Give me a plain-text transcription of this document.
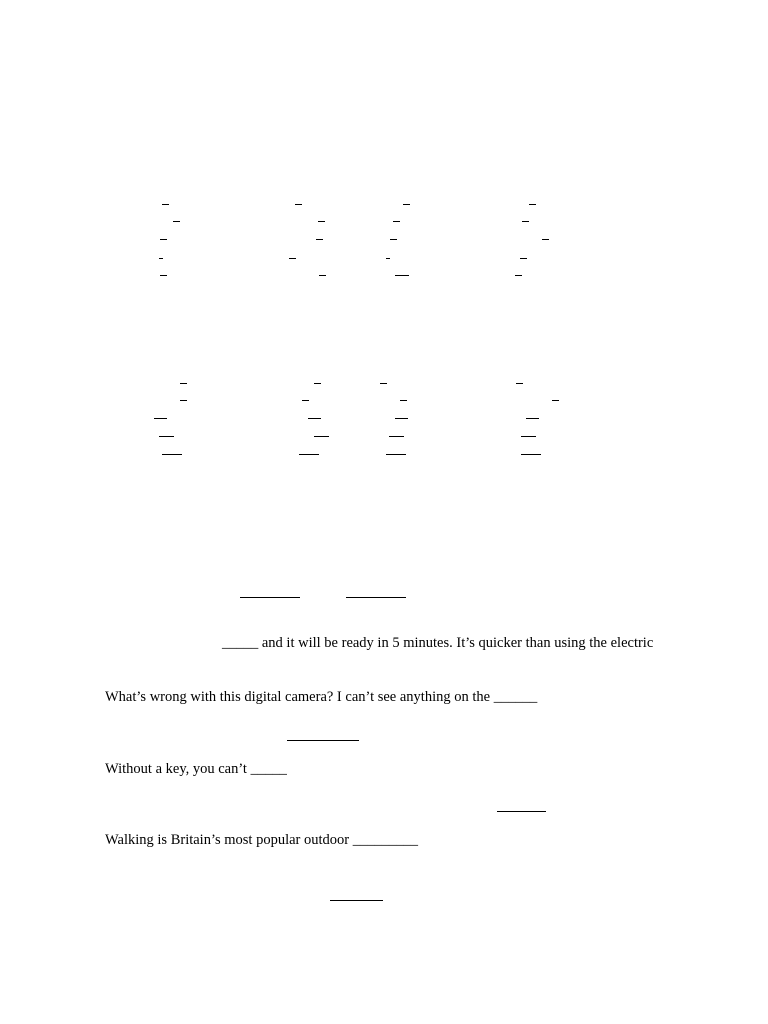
_____ and it will be ready in 5 minutes. It’s quicker than using the electric
What’s wrong with this digital camera? I can’t see anything on the ______
Without a key, you can’t _____
Walking is Britain’s most popular outdoor _________
